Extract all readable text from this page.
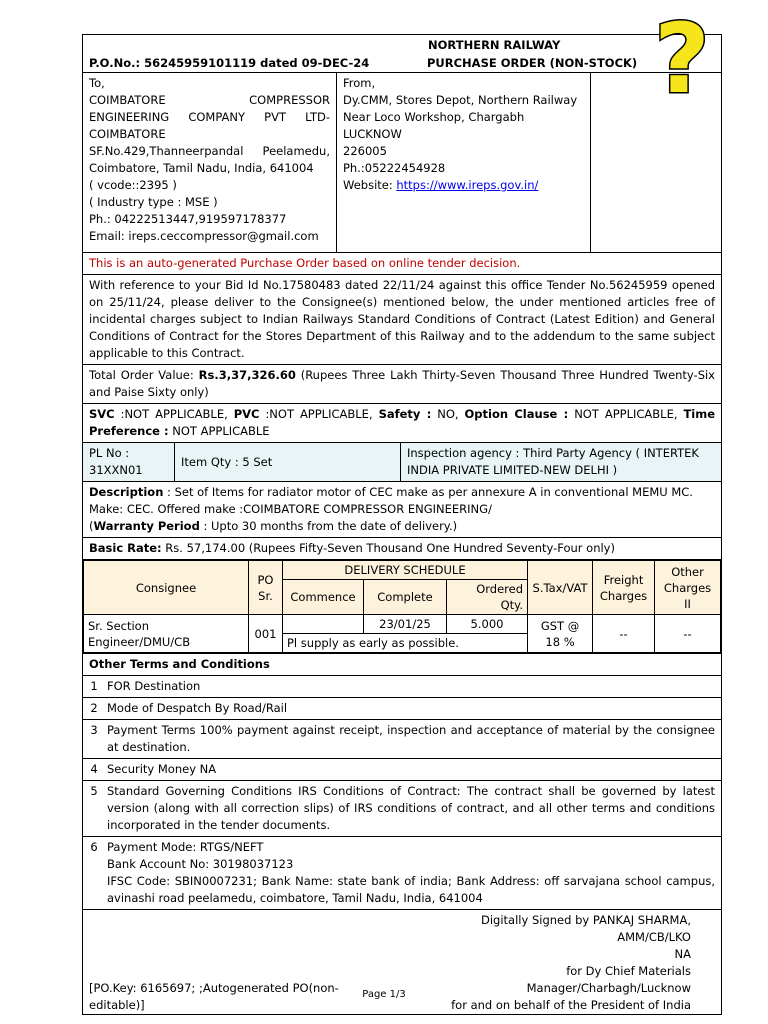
NORTHERN RAILWAY
P.O.No.: 56245959101119 dated 09-DEC-24	PURCHASE ORDER (NON-STOCK)
To,
COIMBATORE COMPRESSOR ENGINEERING COMPANY PVT LTD-COIMBATORE
SF.No.429,Thanneerpandal Peelamedu, Coimbatore, Tamil Nadu, India, 641004
( vcode::2395 )
( Industry type : MSE )
Ph.: 04222513447,919597178377
Email: ireps.ceccompressor@gmail.com
From,
Dy.CMM, Stores Depot, Northern Railway
Near Loco Workshop, Chargabh
LUCKNOW
226005
Ph.:05222454928
Website: https://www.ireps.gov.in/
This is an auto-generated Purchase Order based on online tender decision.
With reference to your Bid Id No.17580483 dated 22/11/24 against this office Tender No.56245959 opened on 25/11/24, please deliver to the Consignee(s) mentioned below, the under mentioned articles free of incidental charges subject to Indian Railways Standard Conditions of Contract (Latest Edition) and General Conditions of Contract for the Stores Department of this Railway and to the addendum to the same subject applicable to this Contract.
Total Order Value: Rs.3,37,326.60 (Rupees Three Lakh Thirty-Seven Thousand Three Hundred Twenty-Six and Paise Sixty only)
SVC :NOT APPLICABLE, PVC :NOT APPLICABLE, Safety : NO, Option Clause : NOT APPLICABLE, Time Preference : NOT APPLICABLE
PL No : 31XXN01
Item Qty : 5 Set
Inspection agency : Third Party Agency ( INTERTEK INDIA PRIVATE LIMITED-NEW DELHI )
Description : Set of Items for radiator motor of CEC make as per annexure A in conventional MEMU MC. Make: CEC. Offered make :COIMBATORE COMPRESSOR ENGINEERING/
(Warranty Period : Upto 30 months from the date of delivery.)
Basic Rate: Rs. 57,174.00 (Rupees Fifty-Seven Thousand One Hundred Seventy-Four only)
Consignee	PO Sr.	DELIVERY SCHEDULE			S.Tax/VAT	Freight Charges	Other Charges II
		Commence	Complete	Ordered Qty.			
Sr. Section Engineer/DMU/CB	001		23/01/25	5.000	GST @ 18 %	--	--
		Pl supply as early as possible.					
Other Terms and Conditions
1 FOR Destination
2 Mode of Despatch By Road/Rail
3 Payment Terms 100% payment against receipt, inspection and acceptance of material by the consignee at destination.
4 Security Money NA
5 Standard Governing Conditions IRS Conditions of Contract: The contract shall be governed by latest version (along with all correction slips) of IRS conditions of contract, and all other terms and conditions incorporated in the tender documents.
6 Payment Mode: RTGS/NEFT
Bank Account No: 30198037123
IFSC Code: SBIN0007231; Bank Name: state bank of india; Bank Address: off sarvajana school campus, avinashi road peelamedu, coimbatore, Tamil Nadu, India, 641004
Digitally Signed by PANKAJ SHARMA,
AMM/CB/LKO
NA
for Dy Chief Materials
Manager/Charbagh/Lucknow
for and on behalf of the President of India
[PO.Key: 6165697; ;Autogenerated PO(non-editable)]
?
Page 1/3
